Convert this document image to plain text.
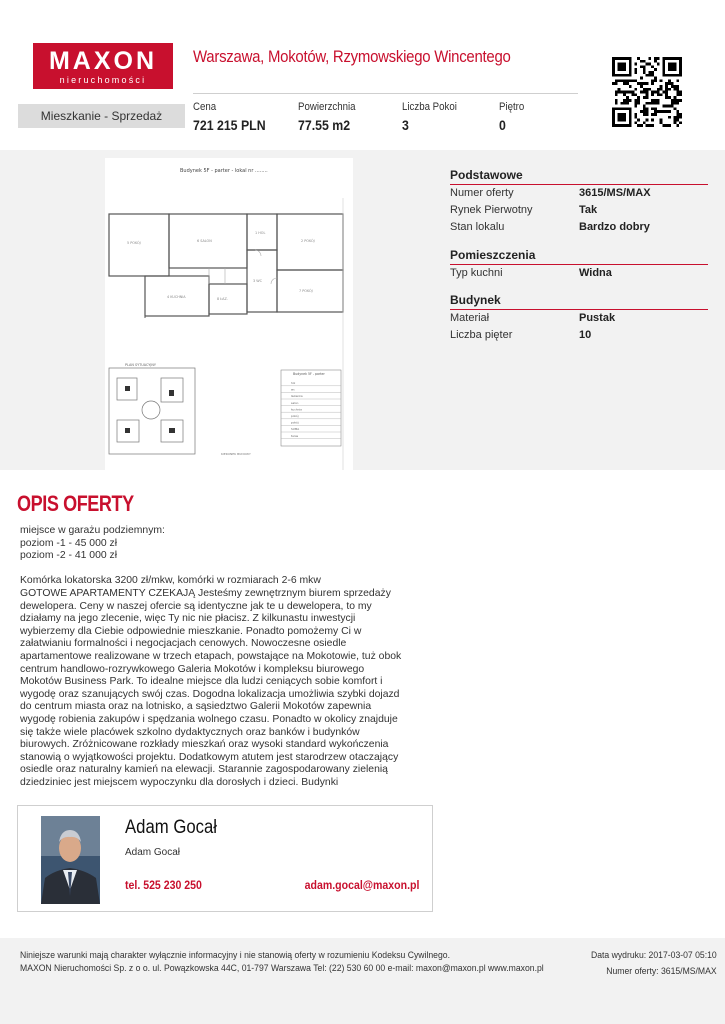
MAXON
nieruchomości
Warszawa, Mokotów, Rzymowskiego Wincentego
Mieszkanie - Sprzedaż
Cena
721 215 PLN
Powierzchnia
77.55 m2
Liczba Pokoi
3
Piętro
0
Budynek 5F - parter - lokal nr ........
5 POKÓJ	6 SALON
1 HOL
2 POKÓJ
3 WC
7 POKÓJ
4 KUCHNIA	8 ŁAZ.
PLAN SYTUACYJNY
Budynek 5F - parter
hol
wc
łazienka
salon
kuchnia
pokój
pokój
SUMA
taras
KIERUNEK BUDOWY
Podstawowe
Numer oferty	3615/MS/MAX
Rynek Pierwotny	Tak
Stan lokalu	Bardzo dobry
Pomieszczenia
Typ kuchni	Widna
Budynek
Materiał	Pustak
Liczba pięter	10
OPIS OFERTY
miejsce w garażu podziemnym:
poziom -1 - 45 000 zł
poziom -2 - 41 000 zł

Komórka lokatorska 3200 zł/mkw, komórki w rozmiarach 2-6 mkw
GOTOWE APARTAMENTY CZEKAJĄ Jesteśmy zewnętrznym biurem sprzedaży
dewelopera. Ceny w naszej ofercie są identyczne jak te u dewelopera, to my
działamy na jego zlecenie, więc Ty nic nie płacisz. Z kilkunastu inwestycji
wybierzemy dla Ciebie odpowiednie mieszkanie. Ponadto pomożemy Ci w
załatwianiu formalności i negocjacjach cenowych. Nowoczesne osiedle
apartamentowe realizowane w trzech etapach, powstające na Mokotowie, tuż obok
centrum handlowo-rozrywkowego Galeria Mokotów i kompleksu biurowego
Mokotów Business Park. To idealne miejsce dla ludzi ceniących sobie komfort i
wygodę oraz szanujących swój czas. Dogodna lokalizacja umożliwia szybki dojazd
do centrum miasta oraz na lotnisko, a sąsiedztwo Galerii Mokotów zapewnia
wygodę robienia zakupów i spędzania wolnego czasu. Ponadto w okolicy znajduje
się także wiele placówek szkolno dydaktycznych oraz banków i budynków
biurowych. Zróżnicowane rozkłady mieszkań oraz wysoki standard wykończenia
stanowią o wyjątkowości projektu. Dodatkowym atutem jest starodrzew otaczający
osiedle oraz naturalny kamień na elewacji. Starannie zagospodarowany zielenią
dziedziniec jest miejscem wypoczynku dla dorosłych i dzieci. Budynki
Adam Gocał
Adam Gocał
tel. 525 230 250	adam.gocal@maxon.pl
Niniejsze warunki mają charakter wyłącznie informacyjny i nie stanowią oferty w rozumieniu Kodeksu Cywilnego.
MAXON Nieruchomości Sp. z o o. ul. Powązkowska 44C, 01-797 Warszawa Tel: (22) 530 60 00 e-mail: maxon@maxon.pl www.maxon.pl
Data wydruku: 2017-03-07 05:10
Numer oferty: 3615/MS/MAX
